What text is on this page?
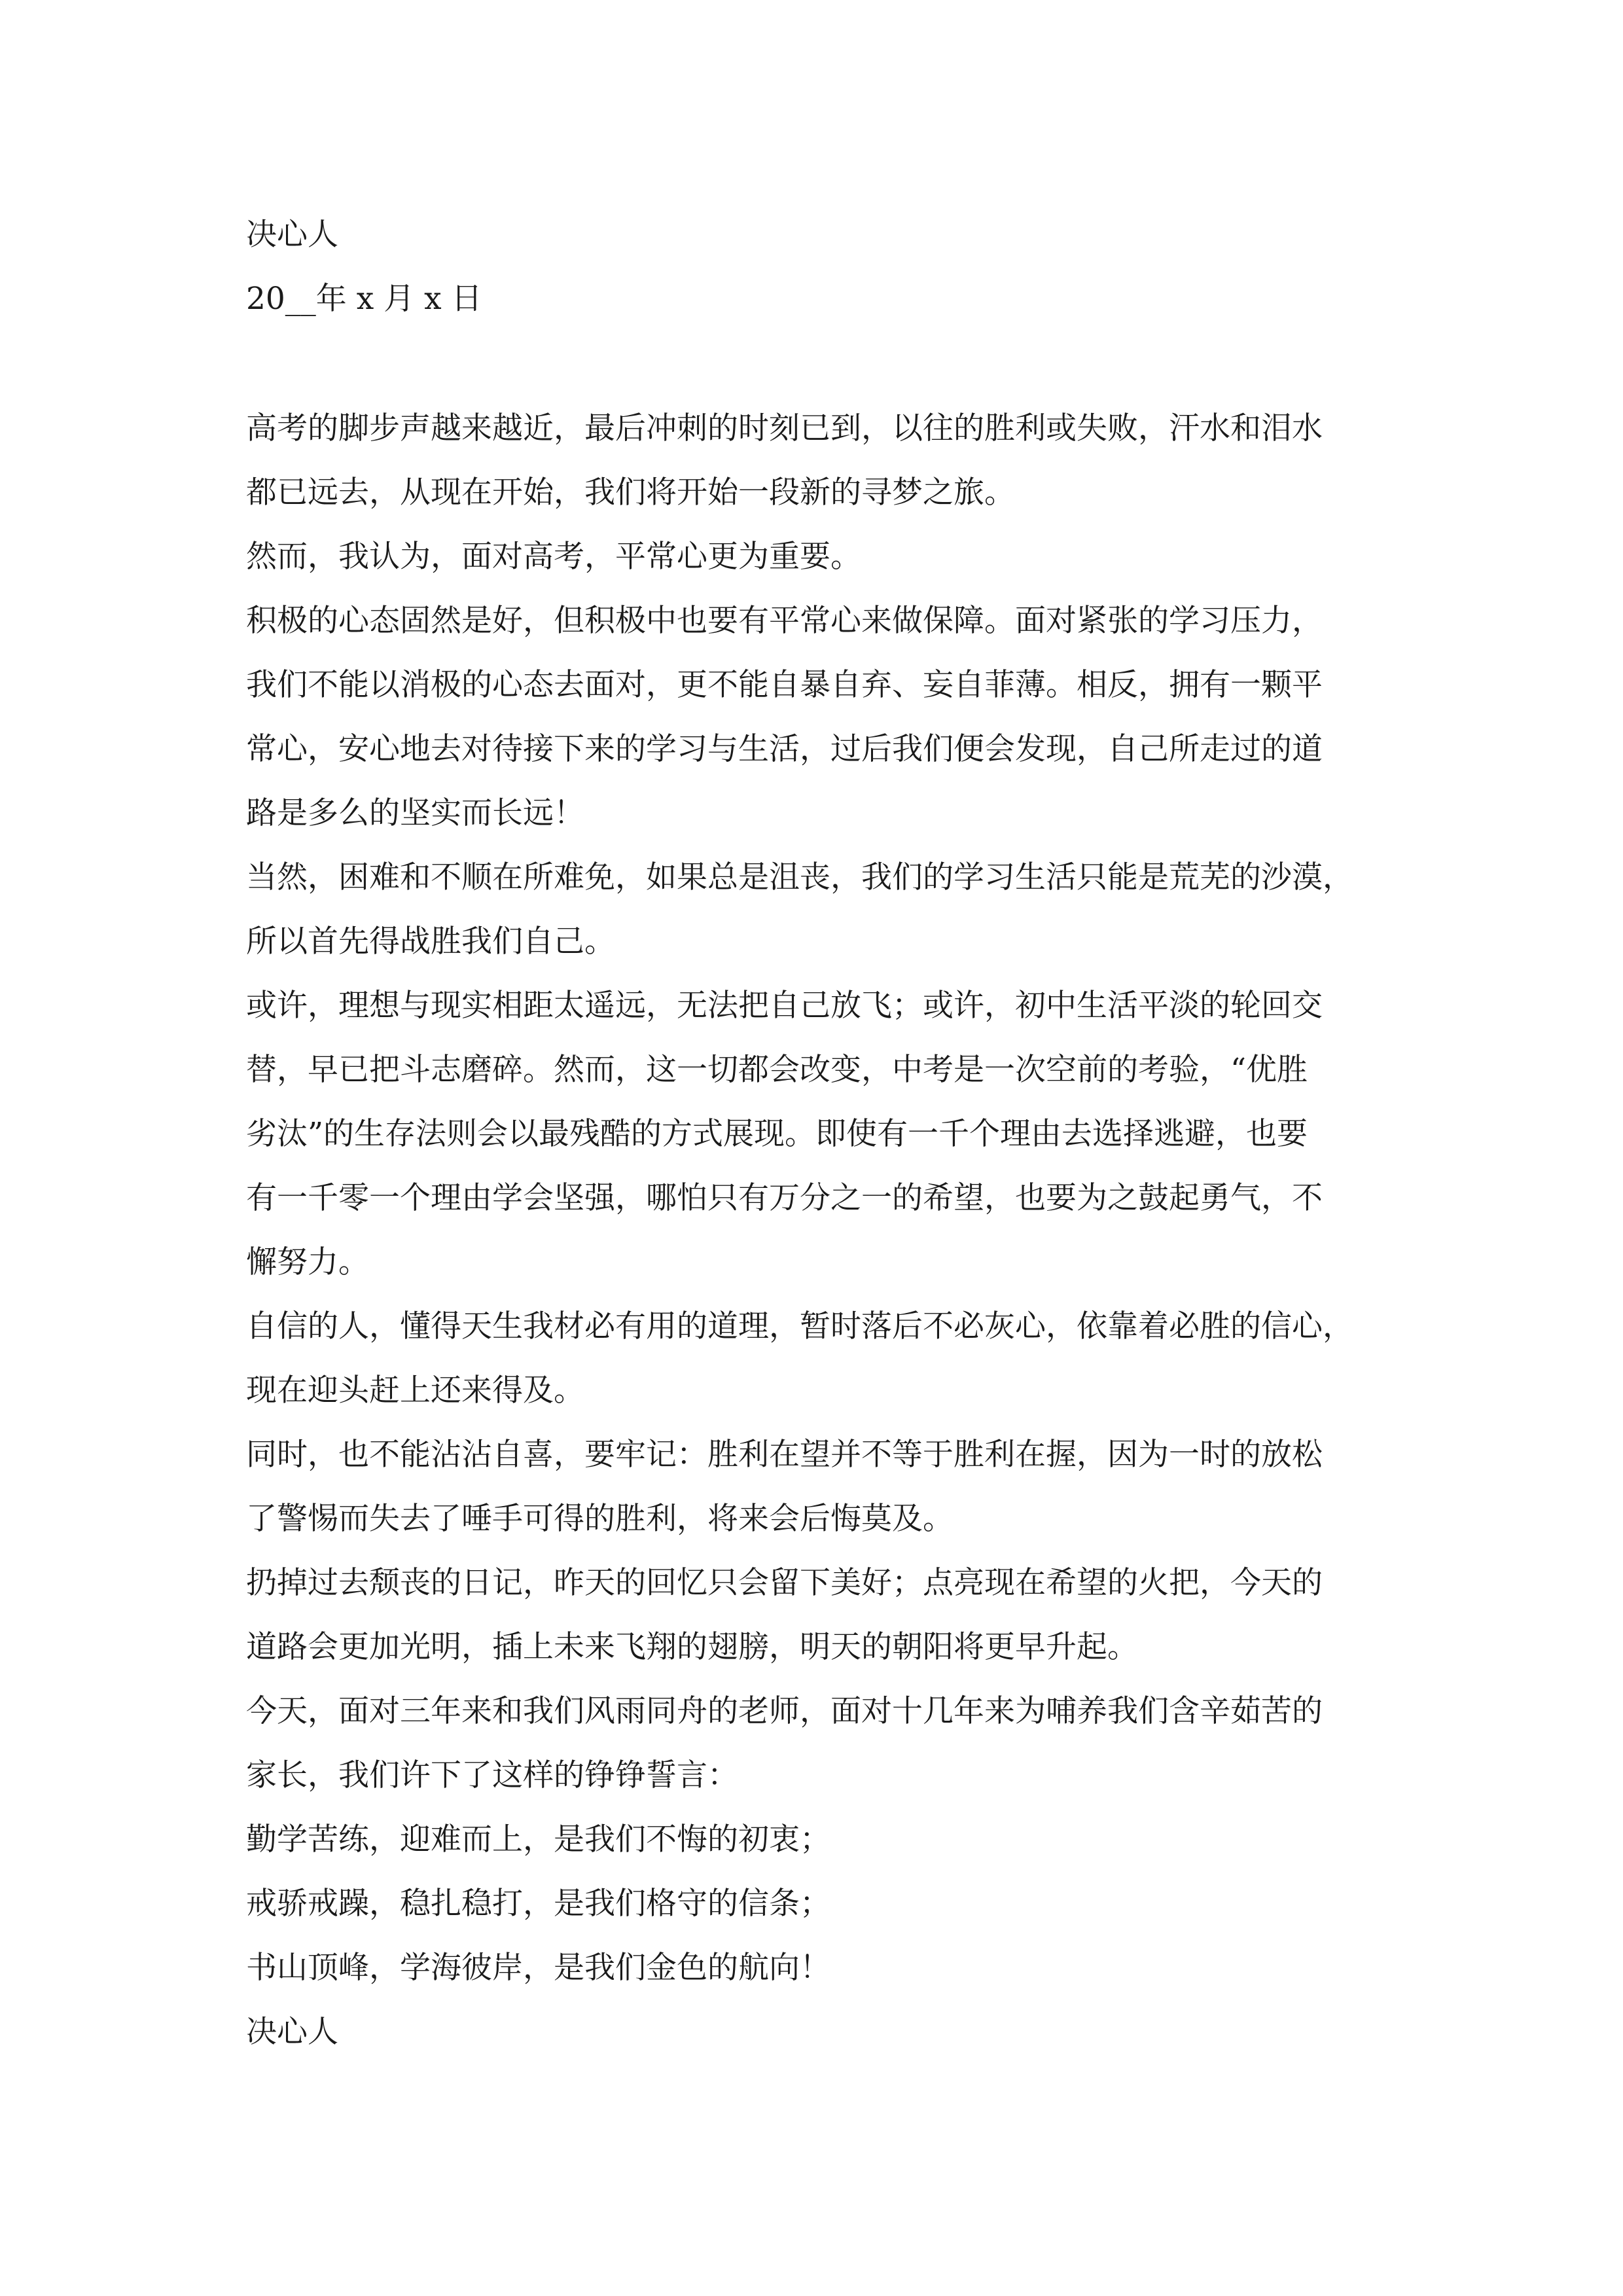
决心人

20__年 x 月 x 日

高考的脚步声越来越近，最后冲刺的时刻已到，以往的胜利或失败，汗水和泪水

都已远去，从现在开始，我们将开始一段新的寻梦之旅。

然而，我认为，面对高考，平常心更为重要。

积极的心态固然是好，但积极中也要有平常心来做保障。面对紧张的学习压力，

我们不能以消极的心态去面对，更不能自暴自弃、妄自菲薄。相反，拥有一颗平

常心，安心地去对待接下来的学习与生活，过后我们便会发现，自己所走过的道

路是多么的坚实而长远！

当然，困难和不顺在所难免，如果总是沮丧，我们的学习生活只能是荒芜的沙漠，

所以首先得战胜我们自己。

或许，理想与现实相距太遥远，无法把自己放飞；或许，初中生活平淡的轮回交

替，早已把斗志磨碎。然而，这一切都会改变，中考是一次空前的考验，“优胜

劣汰”的生存法则会以最残酷的方式展现。即使有一千个理由去选择逃避，也要

有一千零一个理由学会坚强，哪怕只有万分之一的希望，也要为之鼓起勇气，不

懈努力。

自信的人，懂得天生我材必有用的道理，暂时落后不必灰心，依靠着必胜的信心，

现在迎头赶上还来得及。

同时，也不能沾沾自喜，要牢记：胜利在望并不等于胜利在握，因为一时的放松

了警惕而失去了唾手可得的胜利，将来会后悔莫及。

扔掉过去颓丧的日记，昨天的回忆只会留下美好；点亮现在希望的火把，今天的

道路会更加光明，插上未来飞翔的翅膀，明天的朝阳将更早升起。

今天，面对三年来和我们风雨同舟的老师，面对十几年来为哺养我们含辛茹苦的

家长，我们许下了这样的铮铮誓言：

勤学苦练，迎难而上，是我们不悔的初衷；

戒骄戒躁，稳扎稳打，是我们格守的信条；

书山顶峰，学海彼岸，是我们金色的航向！

决心人
